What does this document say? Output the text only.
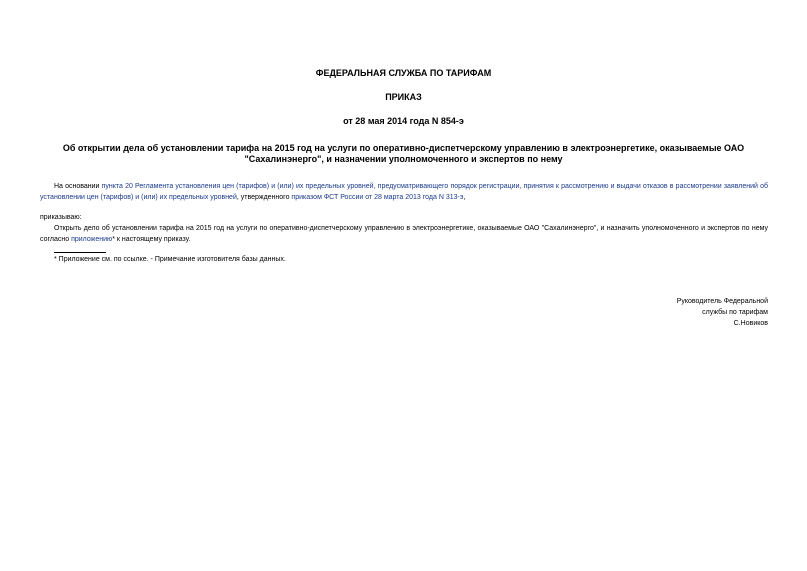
ФЕДЕРАЛЬНАЯ СЛУЖБА ПО ТАРИФАМ
ПРИКАЗ
от 28 мая 2014 года N 854-э
Об открытии дела об установлении тарифа на 2015 год на услуги по оперативно-диспетчерскому управлению в электроэнергетике, оказываемые ОАО
"Сахалинэнерго", и назначении уполномоченного и экспертов по нему
На основании пункта 20 Регламента установления цен (тарифов) и (или) их предельных уровней, предусматривающего порядок регистрации, принятия к рассмотрению и выдачи отказов в рассмотрении заявлений об установлении цен (тарифов) и (или) их предельных уровней, утвержденного приказом ФСТ России от 28 марта 2013 года N 313-э,
приказываю:
Открыть дело об установлении тарифа на 2015 год на услуги по оперативно-диспетчерскому управлению в электроэнергетике, оказываемые ОАО "Сахалинэнерго", и назначить уполномоченного и экспертов по нему согласно приложению* к настоящему приказу.
* Приложение см. по ссылке. - Примечание изготовителя базы данных.
Руководитель Федеральной
службы по тарифам
С.Новиков
